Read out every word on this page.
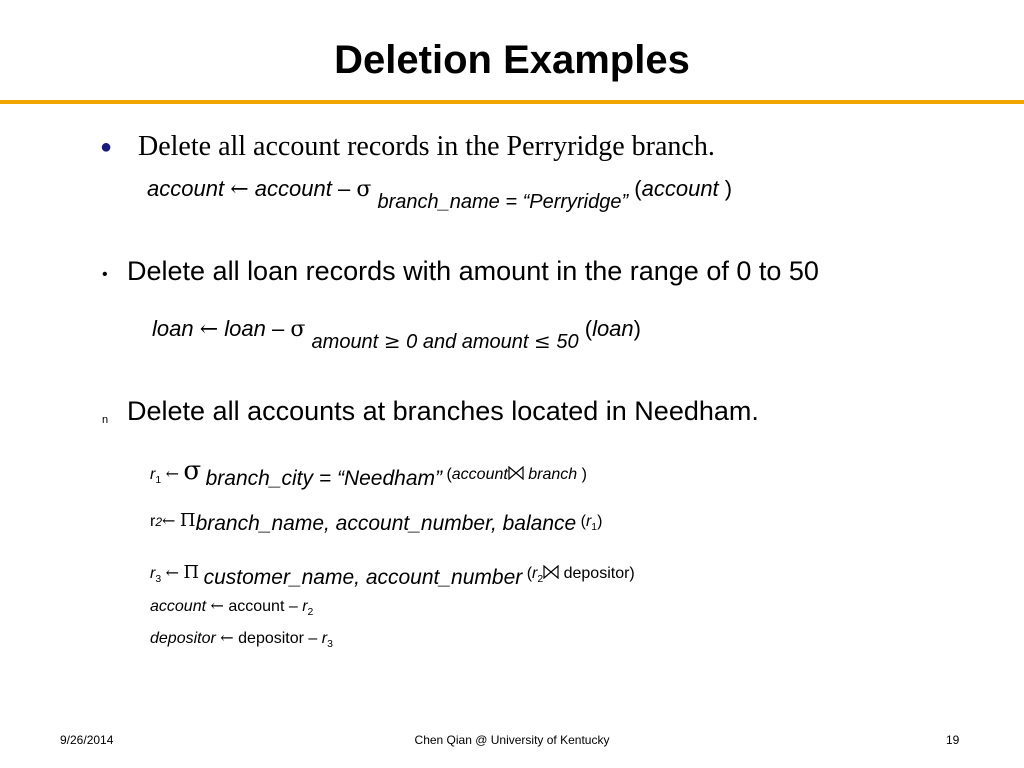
Deletion Examples
● Delete all account records in the Perryridge branch.
account ← account – σ branch_name = “Perryridge” (account )
• Delete all loan records with amount in the range of 0 to 50
loan ← loan – σ amount ≥ 0 and amount ≤ 50 (loan)
n Delete all accounts at branches located in Needham.
$r_1$ ← σ branch_city = “Needham” (account branch )
r2← Πbranch_name, account_number, balance $(r_1)$
$r_3$ ← Π customer_name, account_number ($r_2$ depositor)
account ← account – $r_2$
depositor ← depositor – $r_3$
9/26/2014	Chen Qian @ University of Kentucky	19
